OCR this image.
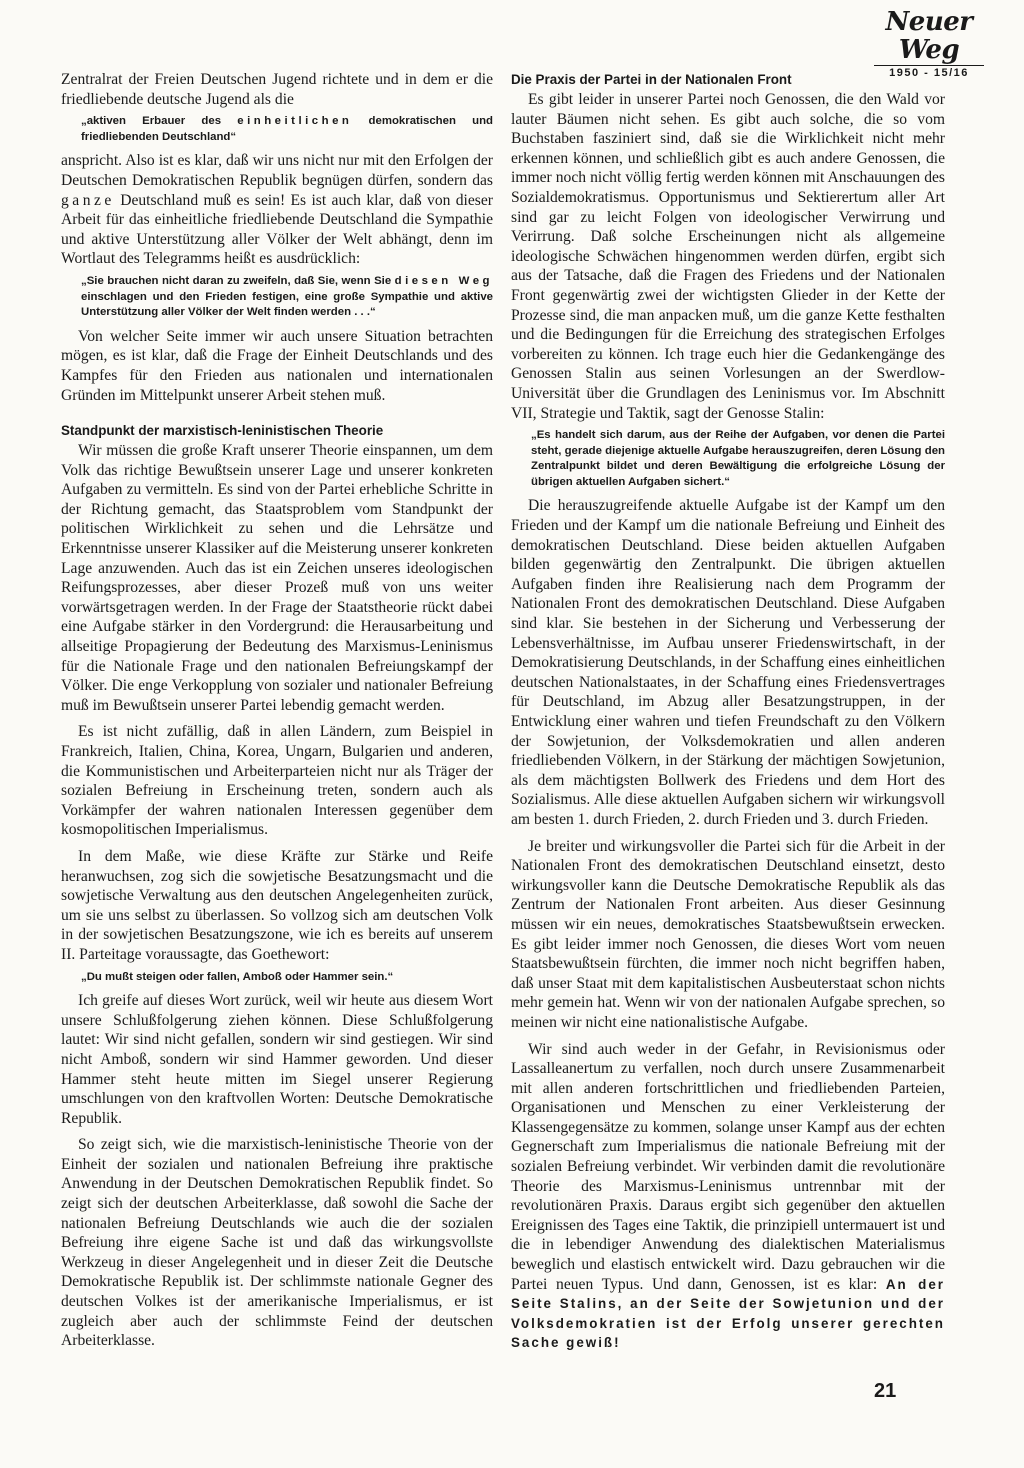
Neuer Weg
1950 - 15/16

Zentralrat der Freien Deutschen Jugend richtete und in dem er die friedliebende deutsche Jugend als die

„aktiven Erbauer des einheitlichen demokratischen und friedliebenden Deutschland“

anspricht. Also ist es klar, daß wir uns nicht nur mit den Erfolgen der Deutschen Demokratischen Republik begnügen dürfen, sondern das ganze Deutschland muß es sein! Es ist auch klar, daß von dieser Arbeit für das einheitliche friedliebende Deutschland die Sympathie und aktive Unterstützung aller Völker der Welt abhängt, denn im Wortlaut des Telegramms heißt es ausdrücklich:

„Sie brauchen nicht daran zu zweifeln, daß Sie, wenn Sie diesen Weg einschlagen und den Frieden festigen, eine große Sympathie und aktive Unterstützung aller Völker der Welt finden werden . . .“

Von welcher Seite immer wir auch unsere Situation betrachten mögen, es ist klar, daß die Frage der Einheit Deutschlands und des Kampfes für den Frieden aus nationalen und internationalen Gründen im Mittelpunkt unserer Arbeit stehen muß.

Standpunkt der marxistisch-leninistischen Theorie

Wir müssen die große Kraft unserer Theorie einspannen, um dem Volk das richtige Bewußtsein unserer Lage und unserer konkreten Aufgaben zu vermitteln. Es sind von der Partei erhebliche Schritte in der Richtung gemacht, das Staatsproblem vom Standpunkt der politischen Wirklichkeit zu sehen und die Lehrsätze und Erkenntnisse unserer Klassiker auf die Meisterung unserer konkreten Lage anzuwenden. Auch das ist ein Zeichen unseres ideologischen Reifungsprozesses, aber dieser Prozeß muß von uns weiter vorwärtsgetragen werden. In der Frage der Staatstheorie rückt dabei eine Aufgabe stärker in den Vordergrund: die Herausarbeitung und allseitige Propagierung der Bedeutung des Marxismus-Leninismus für die Nationale Frage und den nationalen Befreiungskampf der Völker. Die enge Verkopplung von sozialer und nationaler Befreiung muß im Bewußtsein unserer Partei lebendig gemacht werden.

Es ist nicht zufällig, daß in allen Ländern, zum Beispiel in Frankreich, Italien, China, Korea, Ungarn, Bulgarien und anderen, die Kommunistischen und Arbeiterparteien nicht nur als Träger der sozialen Befreiung in Erscheinung treten, sondern auch als Vorkämpfer der wahren nationalen Interessen gegenüber dem kosmopolitischen Imperialismus.

In dem Maße, wie diese Kräfte zur Stärke und Reife heranwuchsen, zog sich die sowjetische Besatzungsmacht und die sowjetische Verwaltung aus den deutschen Angelegenheiten zurück, um sie uns selbst zu überlassen. So vollzog sich am deutschen Volk in der sowjetischen Besatzungszone, wie ich es bereits auf unserem II. Parteitage voraussagte, das Goethewort:

„Du mußt steigen oder fallen, Amboß oder Hammer sein.“

Ich greife auf dieses Wort zurück, weil wir heute aus diesem Wort unsere Schlußfolgerung ziehen können. Diese Schlußfolgerung lautet: Wir sind nicht gefallen, sondern wir sind gestiegen. Wir sind nicht Amboß, sondern wir sind Hammer geworden. Und dieser Hammer steht heute mitten im Siegel unserer Regierung umschlungen von den kraftvollen Worten: Deutsche Demokratische Republik.

So zeigt sich, wie die marxistisch-leninistische Theorie von der Einheit der sozialen und nationalen Befreiung ihre praktische Anwendung in der Deutschen Demokratischen Republik findet. So zeigt sich der deutschen Arbeiterklasse, daß sowohl die Sache der nationalen Befreiung Deutschlands wie auch die der sozialen Befreiung ihre eigene Sache ist und daß das wirkungsvollste Werkzeug in dieser Angelegenheit und in dieser Zeit die Deutsche Demokratische Republik ist. Der schlimmste nationale Gegner des deutschen Volkes ist der amerikanische Imperialismus, er ist zugleich aber auch der schlimmste Feind der deutschen Arbeiterklasse.

Die Praxis der Partei in der Nationalen Front

Es gibt leider in unserer Partei noch Genossen, die den Wald vor lauter Bäumen nicht sehen. Es gibt auch solche, die so vom Buchstaben fasziniert sind, daß sie die Wirklichkeit nicht mehr erkennen können, und schließlich gibt es auch andere Genossen, die immer noch nicht völlig fertig werden können mit Anschauungen des Sozialdemokratismus. Opportunismus und Sektierertum aller Art sind gar zu leicht Folgen von ideologischer Verwirrung und Verirrung. Daß solche Erscheinungen nicht als allgemeine ideologische Schwächen hingenommen werden dürfen, ergibt sich aus der Tatsache, daß die Fragen des Friedens und der Nationalen Front gegenwärtig zwei der wichtigsten Glieder in der Kette der Prozesse sind, die man anpacken muß, um die ganze Kette festhalten und die Bedingungen für die Erreichung des strategischen Erfolges vorbereiten zu können. Ich trage euch hier die Gedankengänge des Genossen Stalin aus seinen Vorlesungen an der Swerdlow-Universität über die Grundlagen des Leninismus vor. Im Abschnitt VII, Strategie und Taktik, sagt der Genosse Stalin:

„Es handelt sich darum, aus der Reihe der Aufgaben, vor denen die Partei steht, gerade diejenige aktuelle Aufgabe herauszugreifen, deren Lösung den Zentralpunkt bildet und deren Bewältigung die erfolgreiche Lösung der übrigen aktuellen Aufgaben sichert.“

Die herauszugreifende aktuelle Aufgabe ist der Kampf um den Frieden und der Kampf um die nationale Befreiung und Einheit des demokratischen Deutschland. Diese beiden aktuellen Aufgaben bilden gegenwärtig den Zentralpunkt. Die übrigen aktuellen Aufgaben finden ihre Realisierung nach dem Programm der Nationalen Front des demokratischen Deutschland. Diese Aufgaben sind klar. Sie bestehen in der Sicherung und Verbesserung der Lebensverhältnisse, im Aufbau unserer Friedenswirtschaft, in der Demokratisierung Deutschlands, in der Schaffung eines einheitlichen deutschen Nationalstaates, in der Schaffung eines Friedensvertrages für Deutschland, im Abzug aller Besatzungstruppen, in der Entwicklung einer wahren und tiefen Freundschaft zu den Völkern der Sowjetunion, der Volksdemokratien und allen anderen friedliebenden Völkern, in der Stärkung der mächtigen Sowjetunion, als dem mächtigsten Bollwerk des Friedens und dem Hort des Sozialismus. Alle diese aktuellen Aufgaben sichern wir wirkungsvoll am besten 1. durch Frieden, 2. durch Frieden und 3. durch Frieden.

Je breiter und wirkungsvoller die Partei sich für die Arbeit in der Nationalen Front des demokratischen Deutschland einsetzt, desto wirkungsvoller kann die Deutsche Demokratische Republik als das Zentrum der Nationalen Front arbeiten. Aus dieser Gesinnung müssen wir ein neues, demokratisches Staatsbewußtsein erwecken. Es gibt leider immer noch Genossen, die dieses Wort vom neuen Staatsbewußtsein fürchten, die immer noch nicht begriffen haben, daß unser Staat mit dem kapitalistischen Ausbeuterstaat schon nichts mehr gemein hat. Wenn wir von der nationalen Aufgabe sprechen, so meinen wir nicht eine nationalistische Aufgabe.

Wir sind auch weder in der Gefahr, in Revisionismus oder Lassalleanertum zu verfallen, noch durch unsere Zusammenarbeit mit allen anderen fortschrittlichen und friedliebenden Parteien, Organisationen und Menschen zu einer Verkleisterung der Klassengegensätze zu kommen, solange unser Kampf aus der echten Gegnerschaft zum Imperialismus die nationale Befreiung mit der sozialen Befreiung verbindet. Wir verbinden damit die revolutionäre Theorie des Marxismus-Leninismus untrennbar mit der revolutionären Praxis. Daraus ergibt sich gegenüber den aktuellen Ereignissen des Tages eine Taktik, die prinzipiell untermauert ist und die in lebendiger Anwendung des dialektischen Materialismus beweglich und elastisch entwickelt wird. Dazu gebrauchen wir die Partei neuen Typus. Und dann, Genossen, ist es klar: An der Seite Stalins, an der Seite der Sowjetunion und der Volksdemokratien ist der Erfolg unserer gerechten Sache gewiß!

21
